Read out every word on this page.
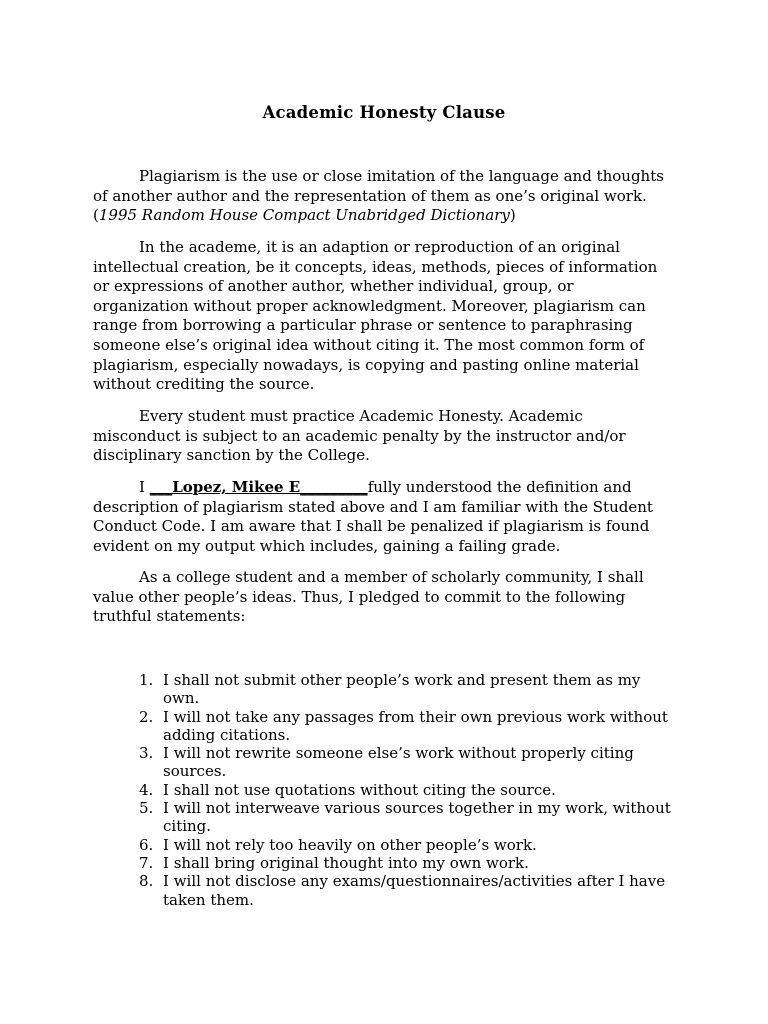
Academic Honesty Clause

Plagiarism is the use or close imitation of the language and thoughts of another author and the representation of them as one’s original work. (1995 Random House Compact Unabridged Dictionary)

In the academe, it is an adaption or reproduction of an original intellectual creation, be it concepts, ideas, methods, pieces of information or expressions of another author, whether individual, group, or organization without proper acknowledgment. Moreover, plagiarism can range from borrowing a particular phrase or sentence to paraphrasing someone else’s original idea without citing it. The most common form of plagiarism, especially nowadays, is copying and pasting online material without crediting the source.

Every student must practice Academic Honesty. Academic misconduct is subject to an academic penalty by the instructor and/or disciplinary sanction by the College.

I ___Lopez, Mikee E_________fully understood the definition and description of plagiarism stated above and I am familiar with the Student Conduct Code. I am aware that I shall be penalized if plagiarism is found evident on my output which includes, gaining a failing grade.

As a college student and a member of scholarly community, I shall value other people’s ideas. Thus, I pledged to commit to the following truthful statements:

1. I shall not submit other people’s work and present them as my own.
2. I will not take any passages from their own previous work without adding citations.
3. I will not rewrite someone else’s work without properly citing sources.
4. I shall not use quotations without citing the source.
5. I will not interweave various sources together in my work, without citing.
6. I will not rely too heavily on other people’s work.
7. I shall bring original thought into my own work.
8. I will not disclose any exams/questionnaires/activities after I have taken them.
